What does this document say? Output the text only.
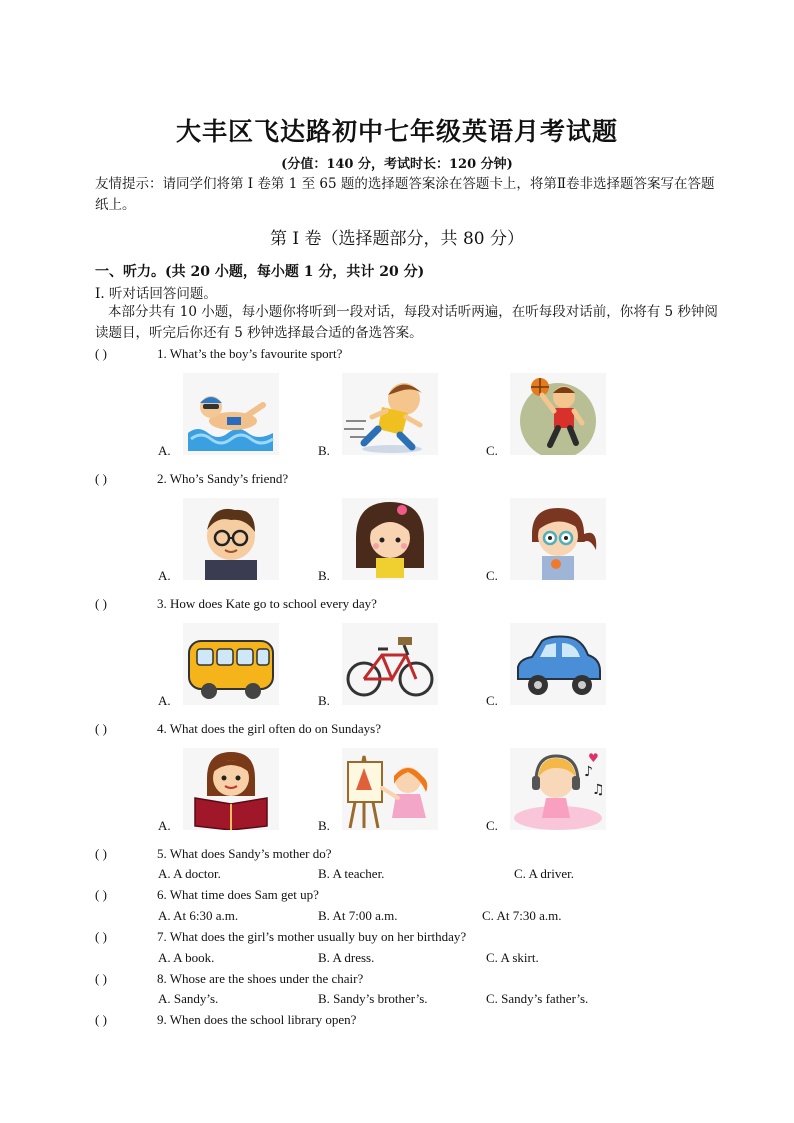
大丰区飞达路初中七年级英语月考试题
(分值：140 分，考试时长：120 分钟)
友情提示：请同学们将第 I 卷第 1 至 65 题的选择题答案涂在答题卡上，将第Ⅱ卷非选择题答案写在答题纸上。
第 I 卷（选择题部分，共 80 分）
一、听力。(共 20 小题，每小题 1 分，共计 20 分)
I. 听对话回答问题。
本部分共有 10 小题，每小题你将听到一段对话，每段对话听两遍，在听每段对话前，你将有 5 秒钟阅读题目，听完后你还有 5 秒钟选择最合适的备选答案。
( )	1. What’s the boy’s favourite sport?
A.	B.	C.
( )	2. Who’s Sandy’s friend?
A.	B.	C.
( )	3. How does Kate go to school every day?
A.	B.	C.
( )	4. What does the girl often do on Sundays?
A.	B.	C.
♪
♫
♥
( )	5. What does Sandy’s mother do?
A. A doctor.	B. A teacher.	C. A driver.
( )	6. What time does Sam get up?
A. At 6:30 a.m.	B. At 7:00 a.m.	C. At 7:30 a.m.
( )	7. What does the girl’s mother usually buy on her birthday?
A. A book.	B. A dress.	C. A skirt.
( )	8. Whose are the shoes under the chair?
A. Sandy’s.	B. Sandy’s brother’s.	C. Sandy’s father’s.
( )	9. When does the school library open?
